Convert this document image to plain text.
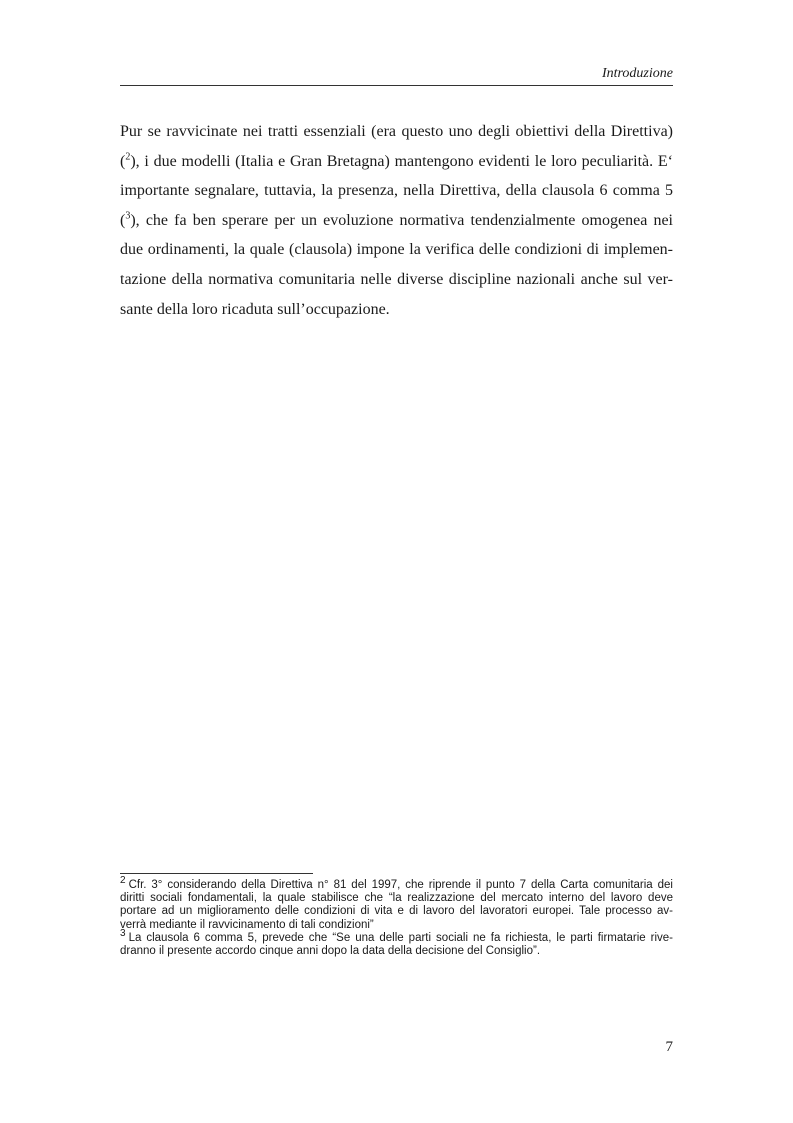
Introduzione
Pur se ravvicinate nei tratti essenziali (era questo uno degli obiettivi della Direttiva)
($^2$), i due modelli (Italia e Gran Bretagna) mantengono evidenti le loro peculiarità. E‘
importante segnalare, tuttavia, la presenza, nella Direttiva, della clausola 6 comma 5
($^3$), che fa ben sperare per un evoluzione normativa tendenzialmente omogenea nei
due ordinamenti, la quale (clausola) impone la verifica delle condizioni di implemen-
tazione della normativa comunitaria nelle diverse discipline nazionali anche sul ver-
sante della loro ricaduta sull’occupazione.
2 Cfr. 3° considerando della Direttiva n° 81 del 1997, che riprende il punto 7 della Carta comunitaria dei
diritti sociali fondamentali, la quale stabilisce che “la realizzazione del mercato interno del lavoro deve
portare ad un miglioramento delle condizioni di vita e di lavoro del lavoratori europei. Tale processo av-
verrà mediante il ravvicinamento di tali condizioni”
3 La clausola 6 comma 5, prevede che “Se una delle parti sociali ne fa richiesta, le parti firmatarie rive-
dranno il presente accordo cinque anni dopo la data della decisione del Consiglio”.
7
